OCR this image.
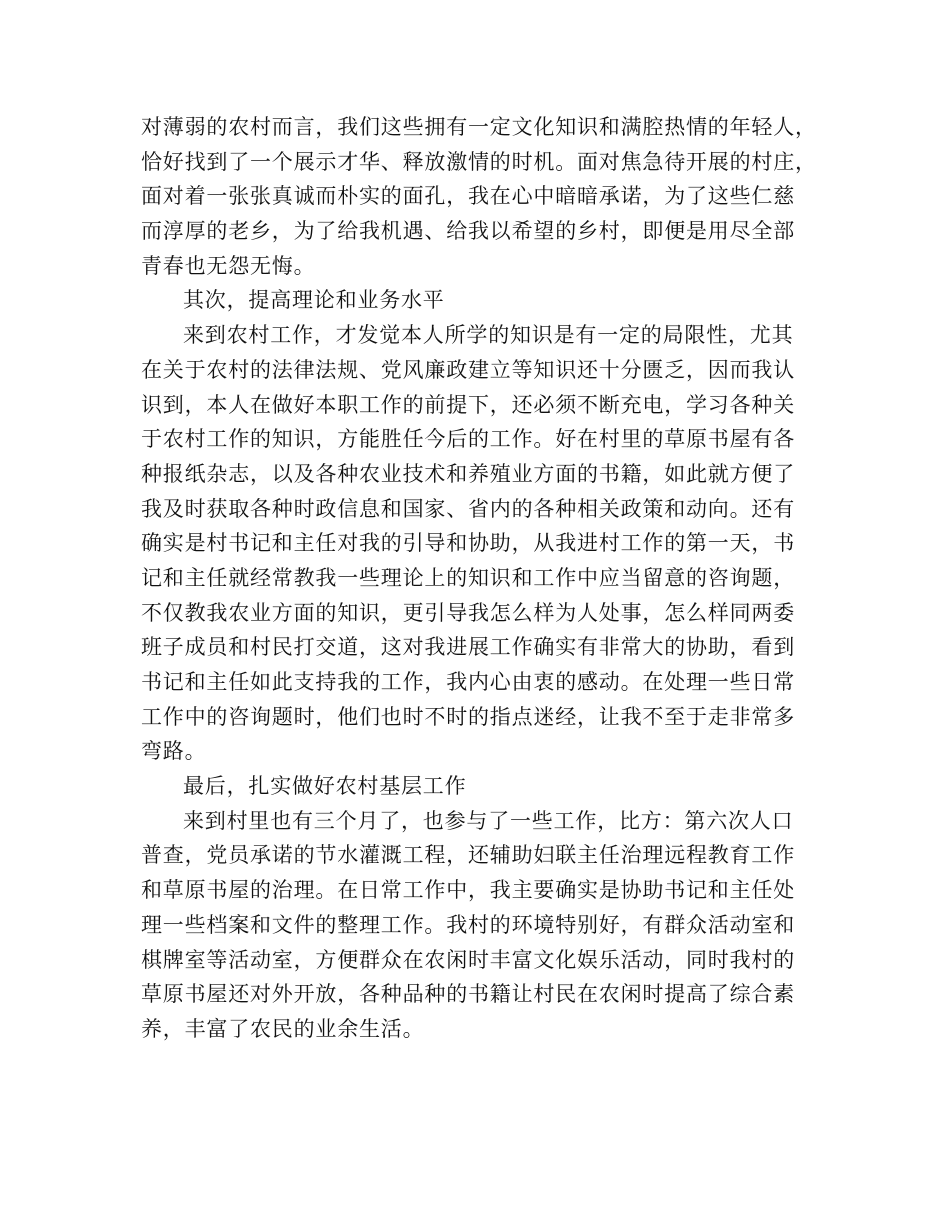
对薄弱的农村而言，我们这些拥有一定文化知识和满腔热情的年轻人，
恰好找到了一个展示才华、释放激情的时机。面对焦急待开展的村庄，
面对着一张张真诚而朴实的面孔，我在心中暗暗承诺，为了这些仁慈
而淳厚的老乡，为了给我机遇、给我以希望的乡村，即便是用尽全部
青春也无怨无悔。
其次，提高理论和业务水平
来到农村工作，才发觉本人所学的知识是有一定的局限性，尤其
在关于农村的法律法规、党风廉政建立等知识还十分匮乏，因而我认
识到，本人在做好本职工作的前提下，还必须不断充电，学习各种关
于农村工作的知识，方能胜任今后的工作。好在村里的草原书屋有各
种报纸杂志，以及各种农业技术和养殖业方面的书籍，如此就方便了
我及时获取各种时政信息和国家、省内的各种相关政策和动向。还有
确实是村书记和主任对我的引导和协助，从我进村工作的第一天，书
记和主任就经常教我一些理论上的知识和工作中应当留意的咨询题，
不仅教我农业方面的知识，更引导我怎么样为人处事，怎么样同两委
班子成员和村民打交道，这对我进展工作确实有非常大的协助，看到
书记和主任如此支持我的工作，我内心由衷的感动。在处理一些日常
工作中的咨询题时，他们也时不时的指点迷经，让我不至于走非常多
弯路。
最后，扎实做好农村基层工作
来到村里也有三个月了，也参与了一些工作，比方：第六次人口
普查，党员承诺的节水灌溉工程，还辅助妇联主任治理远程教育工作
和草原书屋的治理。在日常工作中，我主要确实是协助书记和主任处
理一些档案和文件的整理工作。我村的环境特别好，有群众活动室和
棋牌室等活动室，方便群众在农闲时丰富文化娱乐活动，同时我村的
草原书屋还对外开放，各种品种的书籍让村民在农闲时提高了综合素
养，丰富了农民的业余生活。
